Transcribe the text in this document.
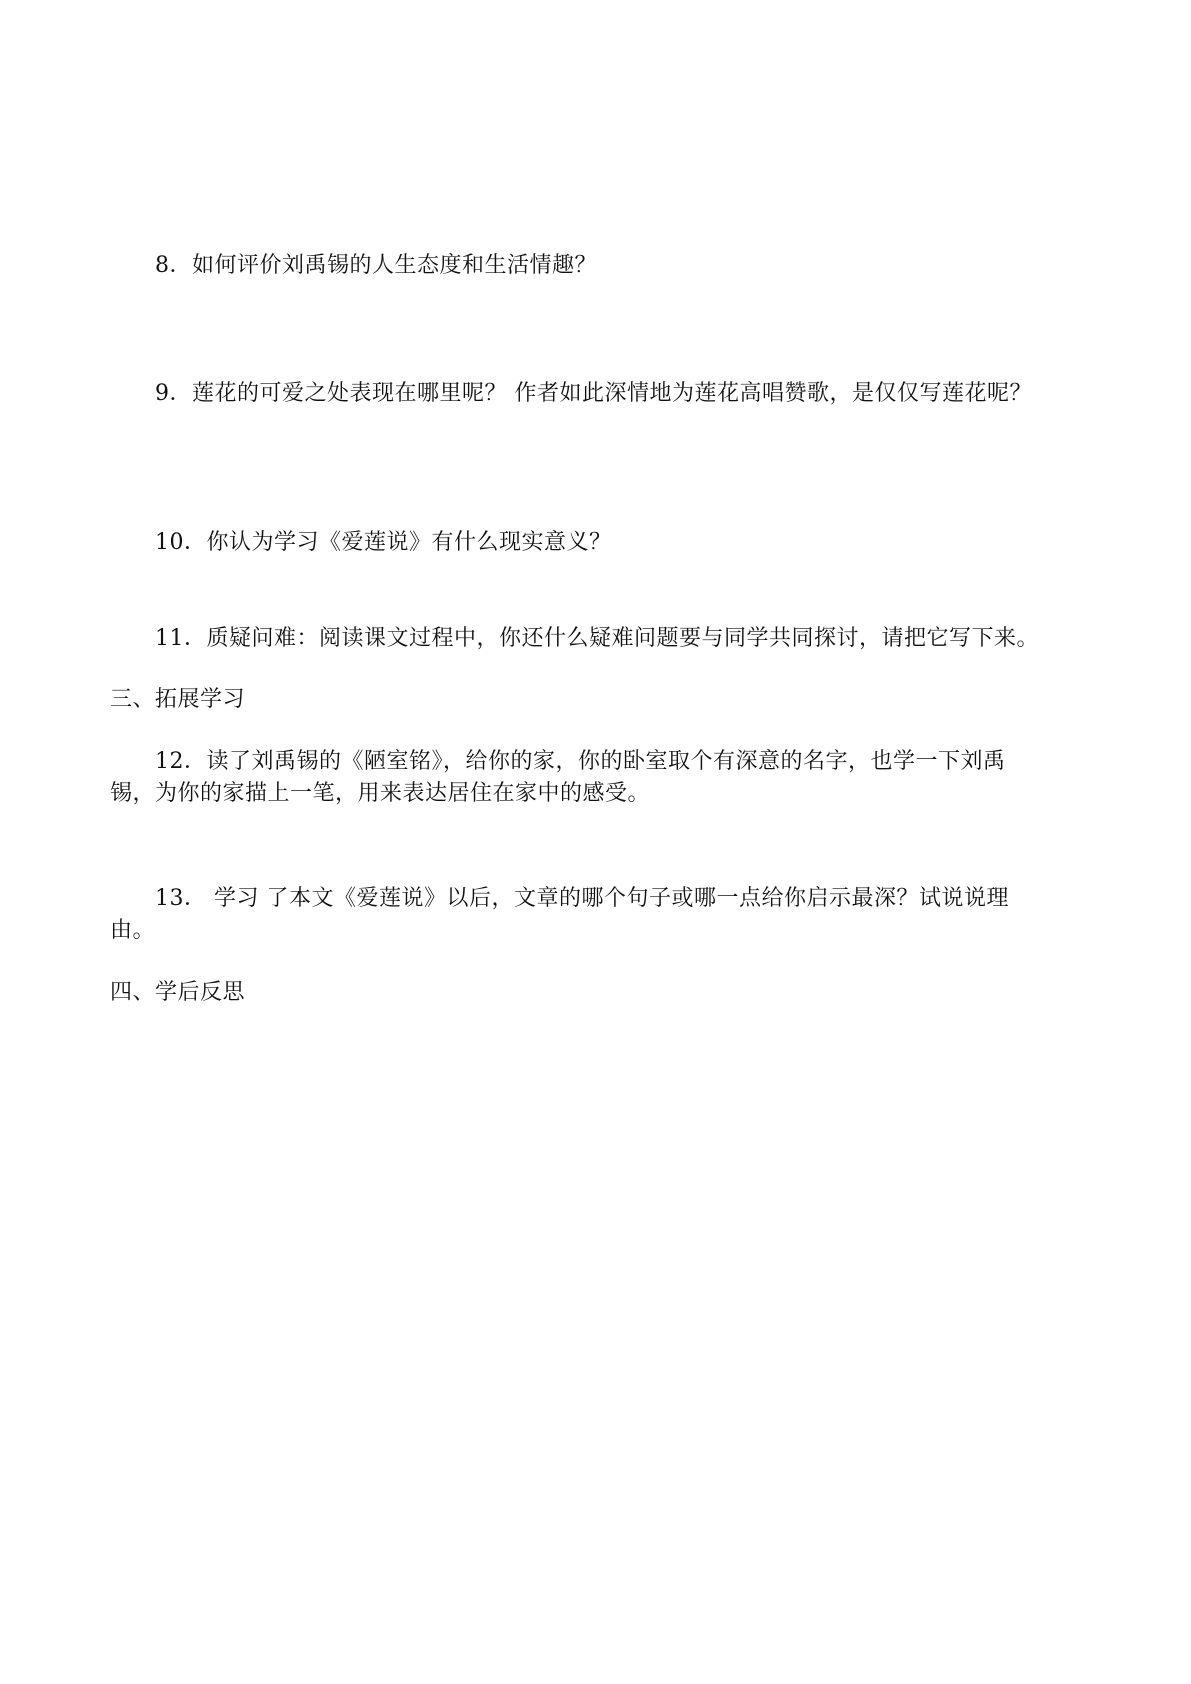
8．如何评价刘禹锡的人生态度和生活情趣？
9．莲花的可爱之处表现在哪里呢？ 作者如此深情地为莲花高唱赞歌，是仅仅写莲花呢？
10．你认为学习《爱莲说》有什么现实意义？
11．质疑问难：阅读课文过程中，你还什么疑难问题要与同学共同探讨，请把它写下来。
三、拓展学习
12．读了刘禹锡的《陋室铭》，给你的家，你的卧室取个有深意的名字，也学一下刘禹
锡，为你的家描上一笔，用来表达居住在家中的感受。
13． 学习 了本文《爱莲说》以后，文章的哪个句子或哪一点给你启示最深？试说说理
由。
四、学后反思
